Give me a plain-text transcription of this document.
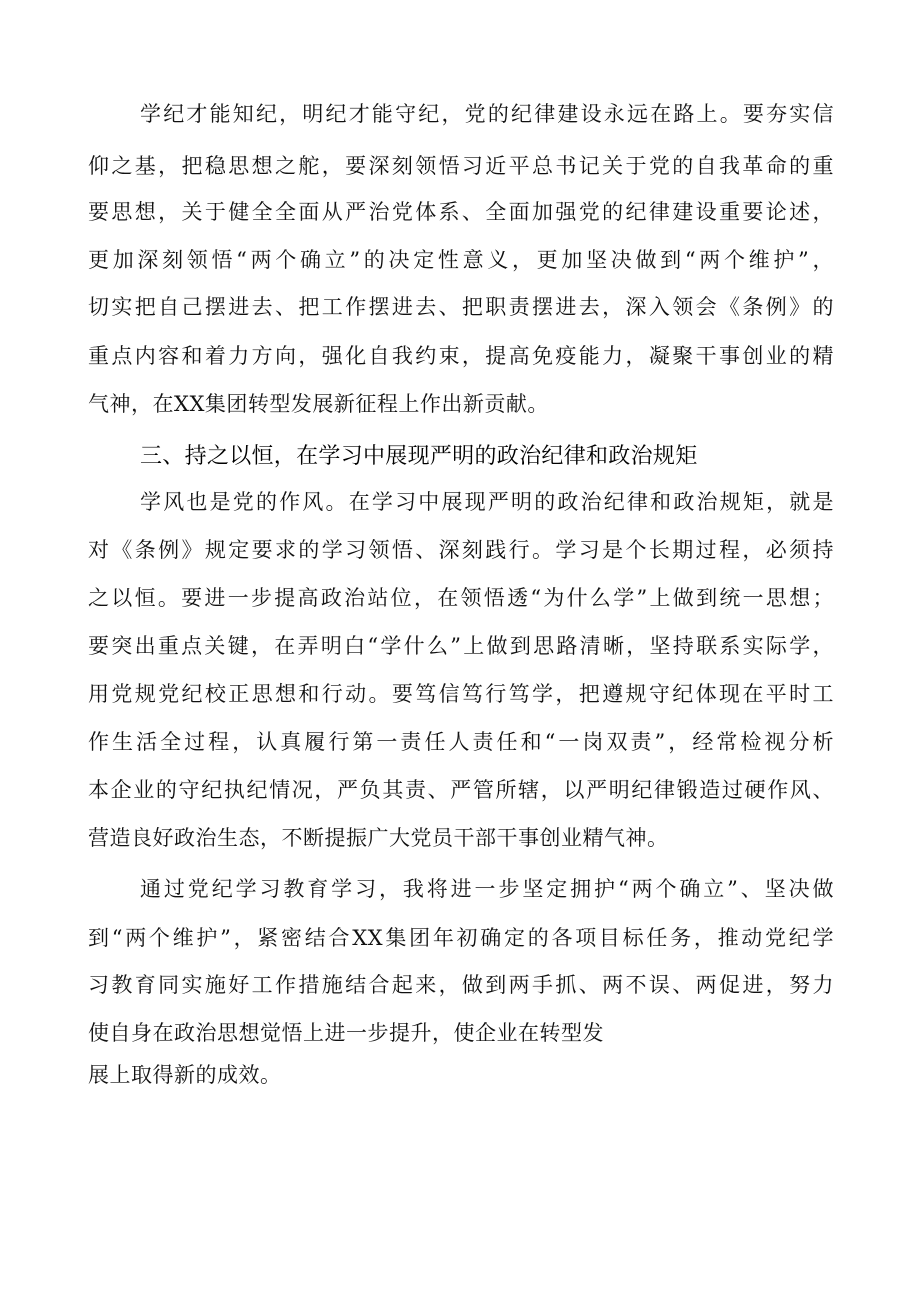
学纪才能知纪，明纪才能守纪，党的纪律建设永远在路上。要夯实信
仰之基，把稳思想之舵，要深刻领悟习近平总书记关于党的自我革命的重
要思想，关于健全全面从严治党体系、全面加强党的纪律建设重要论述，
更加深刻领悟“两个确立”的决定性意义，更加坚决做到“两个维护”，
切实把自己摆进去、把工作摆进去、把职责摆进去，深入领会《条例》的
重点内容和着力方向，强化自我约束，提高免疫能力，凝聚干事创业的精
气神，在XX集团转型发展新征程上作出新贡献。
三、持之以恒，在学习中展现严明的政治纪律和政治规矩
学风也是党的作风。在学习中展现严明的政治纪律和政治规矩，就是
对《条例》规定要求的学习领悟、深刻践行。学习是个长期过程，必须持
之以恒。要进一步提高政治站位，在领悟透“为什么学”上做到统一思想；
要突出重点关键，在弄明白“学什么”上做到思路清晰，坚持联系实际学，
用党规党纪校正思想和行动。要笃信笃行笃学，把遵规守纪体现在平时工
作生活全过程，认真履行第一责任人责任和“一岗双责”，经常检视分析
本企业的守纪执纪情况，严负其责、严管所辖，以严明纪律锻造过硬作风、
营造良好政治生态，不断提振广大党员干部干事创业精气神。
通过党纪学习教育学习，我将进一步坚定拥护“两个确立”、坚决做
到“两个维护”，紧密结合XX集团年初确定的各项目标任务，推动党纪学
习教育同实施好工作措施结合起来，做到两手抓、两不误、两促进，努力
使自身在政治思想觉悟上进一步提升，使企业在转型发
展上取得新的成效。
